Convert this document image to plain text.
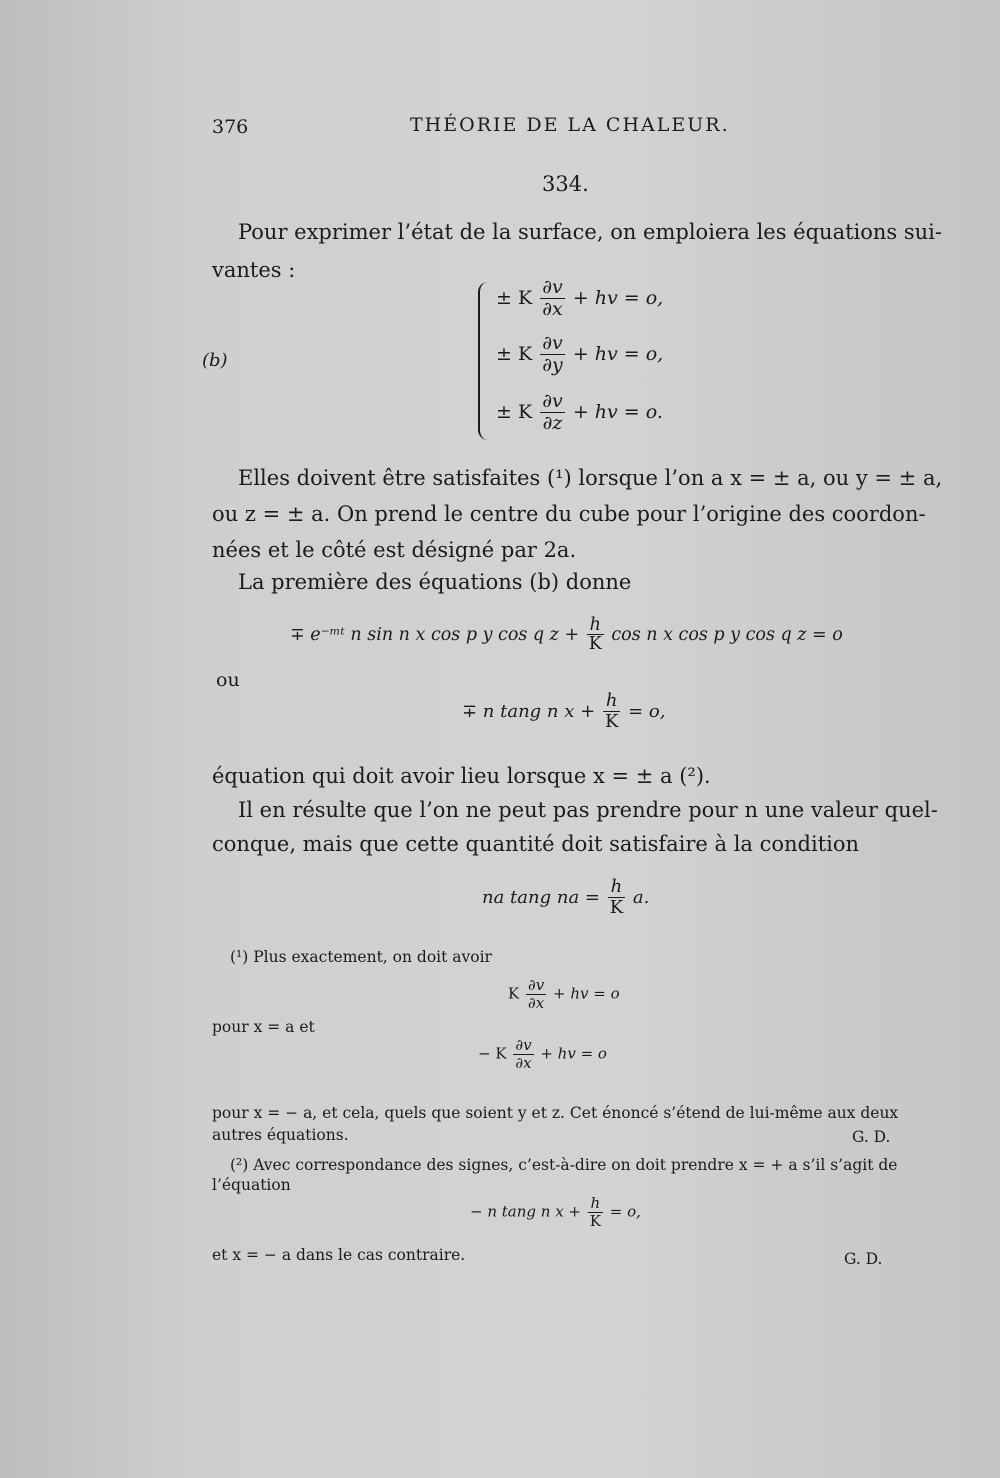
376	THÉORIE DE LA CHALEUR.
334.
Pour exprimer l’état de la surface, on emploiera les équations sui-
vantes :
(b)
± K $\frac{\partial v}{\partial x}$ + hv = o,
± K $\frac{\partial v}{\partial y}$ + hv = o,
± K $\frac{\partial v}{\partial z}$ + hv = o.
Elles doivent être satisfaites (¹) lorsque l’on a x = ± a, ou y = ± a,
ou z = ± a. On prend le centre du cube pour l’origine des coordon-
nées et le côté est désigné par 2a.
La première des équations (b) donne
∓ e⁻ᵐᵗ n sin n x cos p y cos q $z + \frac{h}{K}$ cos n x cos p y cos q z = o
ou
∓ n tang n $x + \frac{h}{K} = o$,
équation qui doit avoir lieu lorsque x = ± a (²).
Il en résulte que l’on ne peut pas prendre pour n une valeur quel-
conque, mais que cette quantité doit satisfaire à la condition
na tang na = $\frac{h}{K} a$.
(¹) Plus exactement, on doit avoir
K $\frac{\partial v}{\partial x}$ + hv = o
pour x = a et
− K $\frac{\partial v}{\partial x}$ + hv = o
pour x = − a, et cela, quels que soient y et z. Cet énoncé s’étend de lui-même aux deux
autres équations.	G. D.
(²) Avec correspondance des signes, c’est-à-dire on doit prendre x = + a s’il s’agit de
l’équation
− n tang n $x + \frac{h}{K} = o$,
et x = − a dans le cas contraire.	G. D.
